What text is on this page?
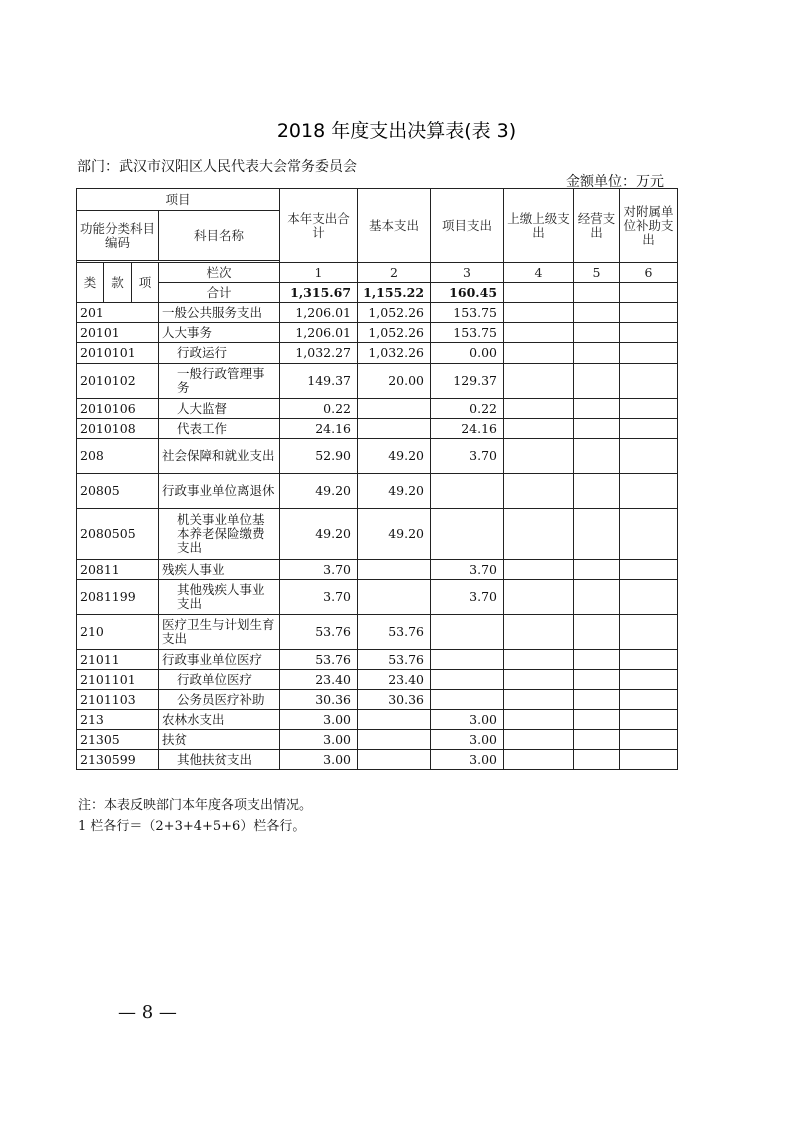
2018 年度支出决算表(表 3)
部门：武汉市汉阳区人民代表大会常务委员会
金额单位：万元
项目				本年支出合计	基本支出	项目支出	上缴上级支出	经营支出	对附属单位补助支出
功能分类科目编码			科目名称						

类	款	项	栏次	1	2	3	4	5	6
			合计	1,315.67	1,155.22	160.45			
201			一般公共服务支出	1,206.01	1,052.26	153.75			
20101			人大事务	1,206.01	1,052.26	153.75			
2010101			行政运行	1,032.27	1,032.26	0.00			
2010102			一般行政管理事务	149.37	20.00	129.37			
2010106			人大监督	0.22		0.22			
2010108			代表工作	24.16		24.16			
208			社会保障和就业支出	52.90	49.20	3.70			
20805			行政事业单位离退休	49.20	49.20				
2080505			机关事业单位基本养老保险缴费支出	49.20	49.20				
20811			残疾人事业	3.70		3.70			
2081199			其他残疾人事业支出	3.70		3.70			
210			医疗卫生与计划生育支出	53.76	53.76				
21011			行政事业单位医疗	53.76	53.76				
2101101			行政单位医疗	23.40	23.40				
2101103			公务员医疗补助	30.36	30.36				
213			农林水支出	3.00		3.00			
21305			扶贫	3.00		3.00			
2130599			其他扶贫支出	3.00		3.00			
注：本表反映部门本年度各项支出情况。
1 栏各行＝（2+3+4+5+6）栏各行。
— 8 —
